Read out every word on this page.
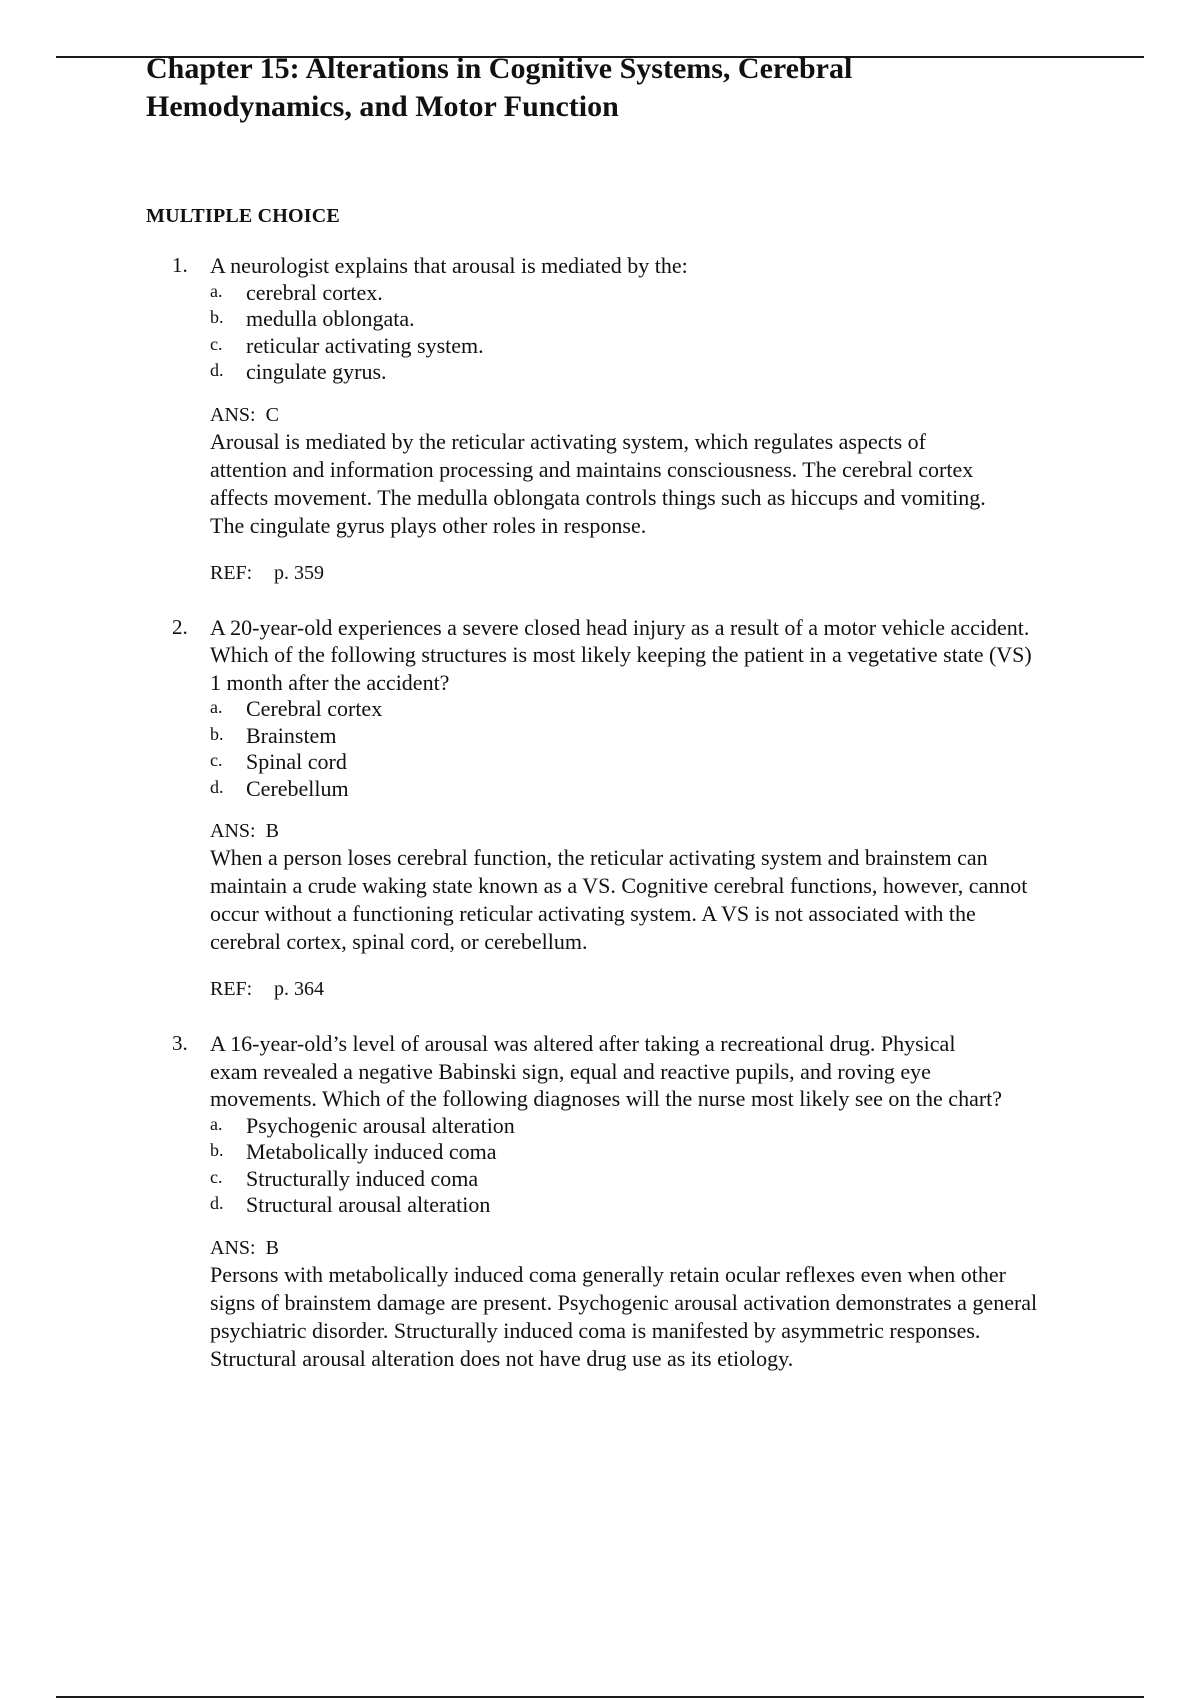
Chapter 15: Alterations in Cognitive Systems, Cerebral
Hemodynamics, and Motor Function
MULTIPLE CHOICE
1. A neurologist explains that arousal is mediated by the:

a. cerebral cortex.
b. medulla oblongata.
c. reticular activating system.
d. cingulate gyrus.

ANS: C

Arousal is mediated by the reticular activating system, which regulates aspects of
attention and information processing and maintains consciousness. The cerebral cortex
affects movement. The medulla oblongata controls things such as hiccups and vomiting.
The cingulate gyrus plays other roles in response.

REF: p. 359

2. A 20-year-old experiences a severe closed head injury as a result of a motor vehicle accident.
Which of the following structures is most likely keeping the patient in a vegetative state (VS)
1 month after the accident?

a. Cerebral cortex
b. Brainstem
c. Spinal cord
d. Cerebellum

ANS: B

When a person loses cerebral function, the reticular activating system and brainstem can
maintain a crude waking state known as a VS. Cognitive cerebral functions, however, cannot
occur without a functioning reticular activating system. A VS is not associated with the
cerebral cortex, spinal cord, or cerebellum.

REF: p. 364

3. A 16-year-old’s level of arousal was altered after taking a recreational drug. Physical
exam revealed a negative Babinski sign, equal and reactive pupils, and roving eye
movements. Which of the following diagnoses will the nurse most likely see on the chart?

a. Psychogenic arousal alteration
b. Metabolically induced coma
c. Structurally induced coma
d. Structural arousal alteration

ANS: B

Persons with metabolically induced coma generally retain ocular reflexes even when other
signs of brainstem damage are present. Psychogenic arousal activation demonstrates a general
psychiatric disorder. Structurally induced coma is manifested by asymmetric responses.
Structural arousal alteration does not have drug use as its etiology.
